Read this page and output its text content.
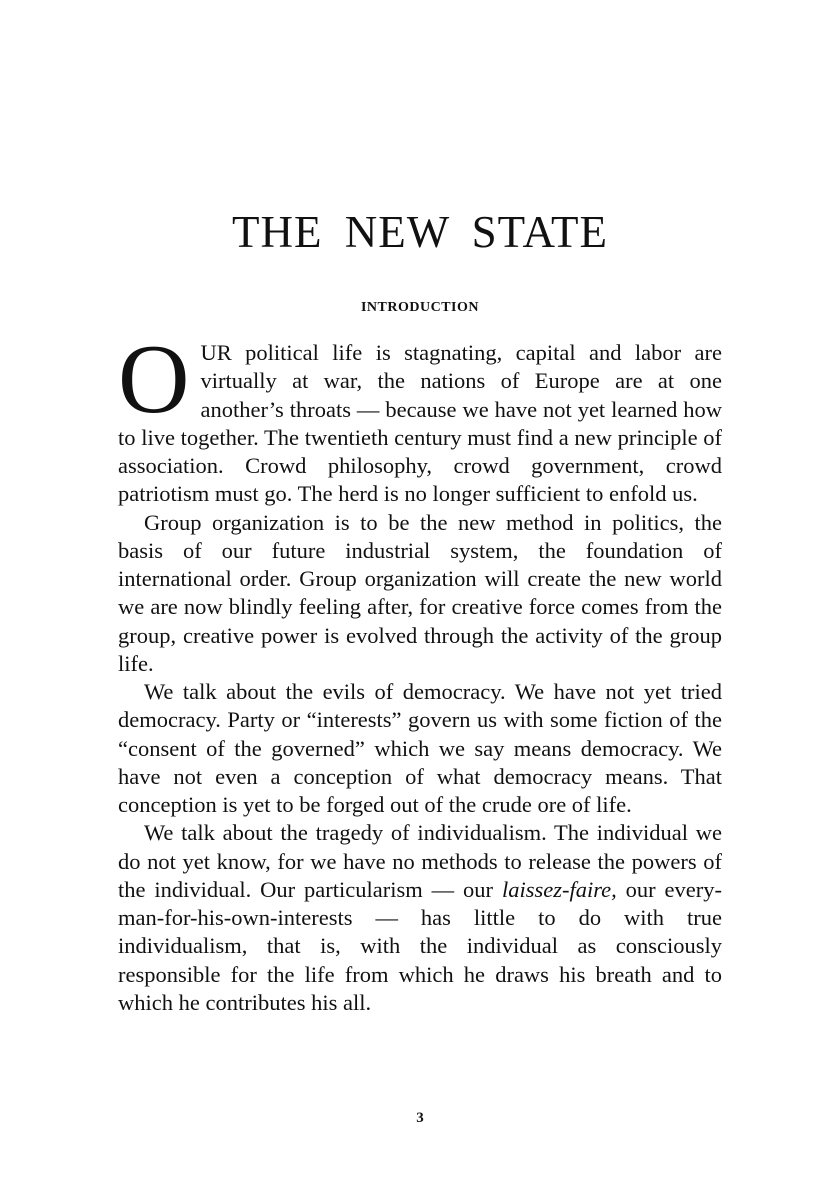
THE NEW STATE
INTRODUCTION

OUR political life is stagnating, capital and labor are virtually at war, the nations of Europe are at one another’s throats — because we have not yet learned how to live together. The twentieth century must find a new principle of association. Crowd philosophy, crowd government, crowd patriotism must go. The herd is no longer sufficient to enfold us.

Group organization is to be the new method in politics, the basis of our future industrial system, the foundation of international order. Group organization will create the new world we are now blindly feeling after, for creative force comes from the group, creative power is evolved through the activity of the group life.

We talk about the evils of democracy. We have not yet tried democracy. Party or “interests” govern us with some fiction of the “consent of the governed” which we say means democracy. We have not even a conception of what democracy means. That conception is yet to be forged out of the crude ore of life.

We talk about the tragedy of individualism. The individual we do not yet know, for we have no methods to release the powers of the individual. Our particularism — our laissez-faire, our every-man-for-his-own-interests — has little to do with true individualism, that is, with the individual as consciously responsible for the life from which he draws his breath and to which he contributes his all.

3
